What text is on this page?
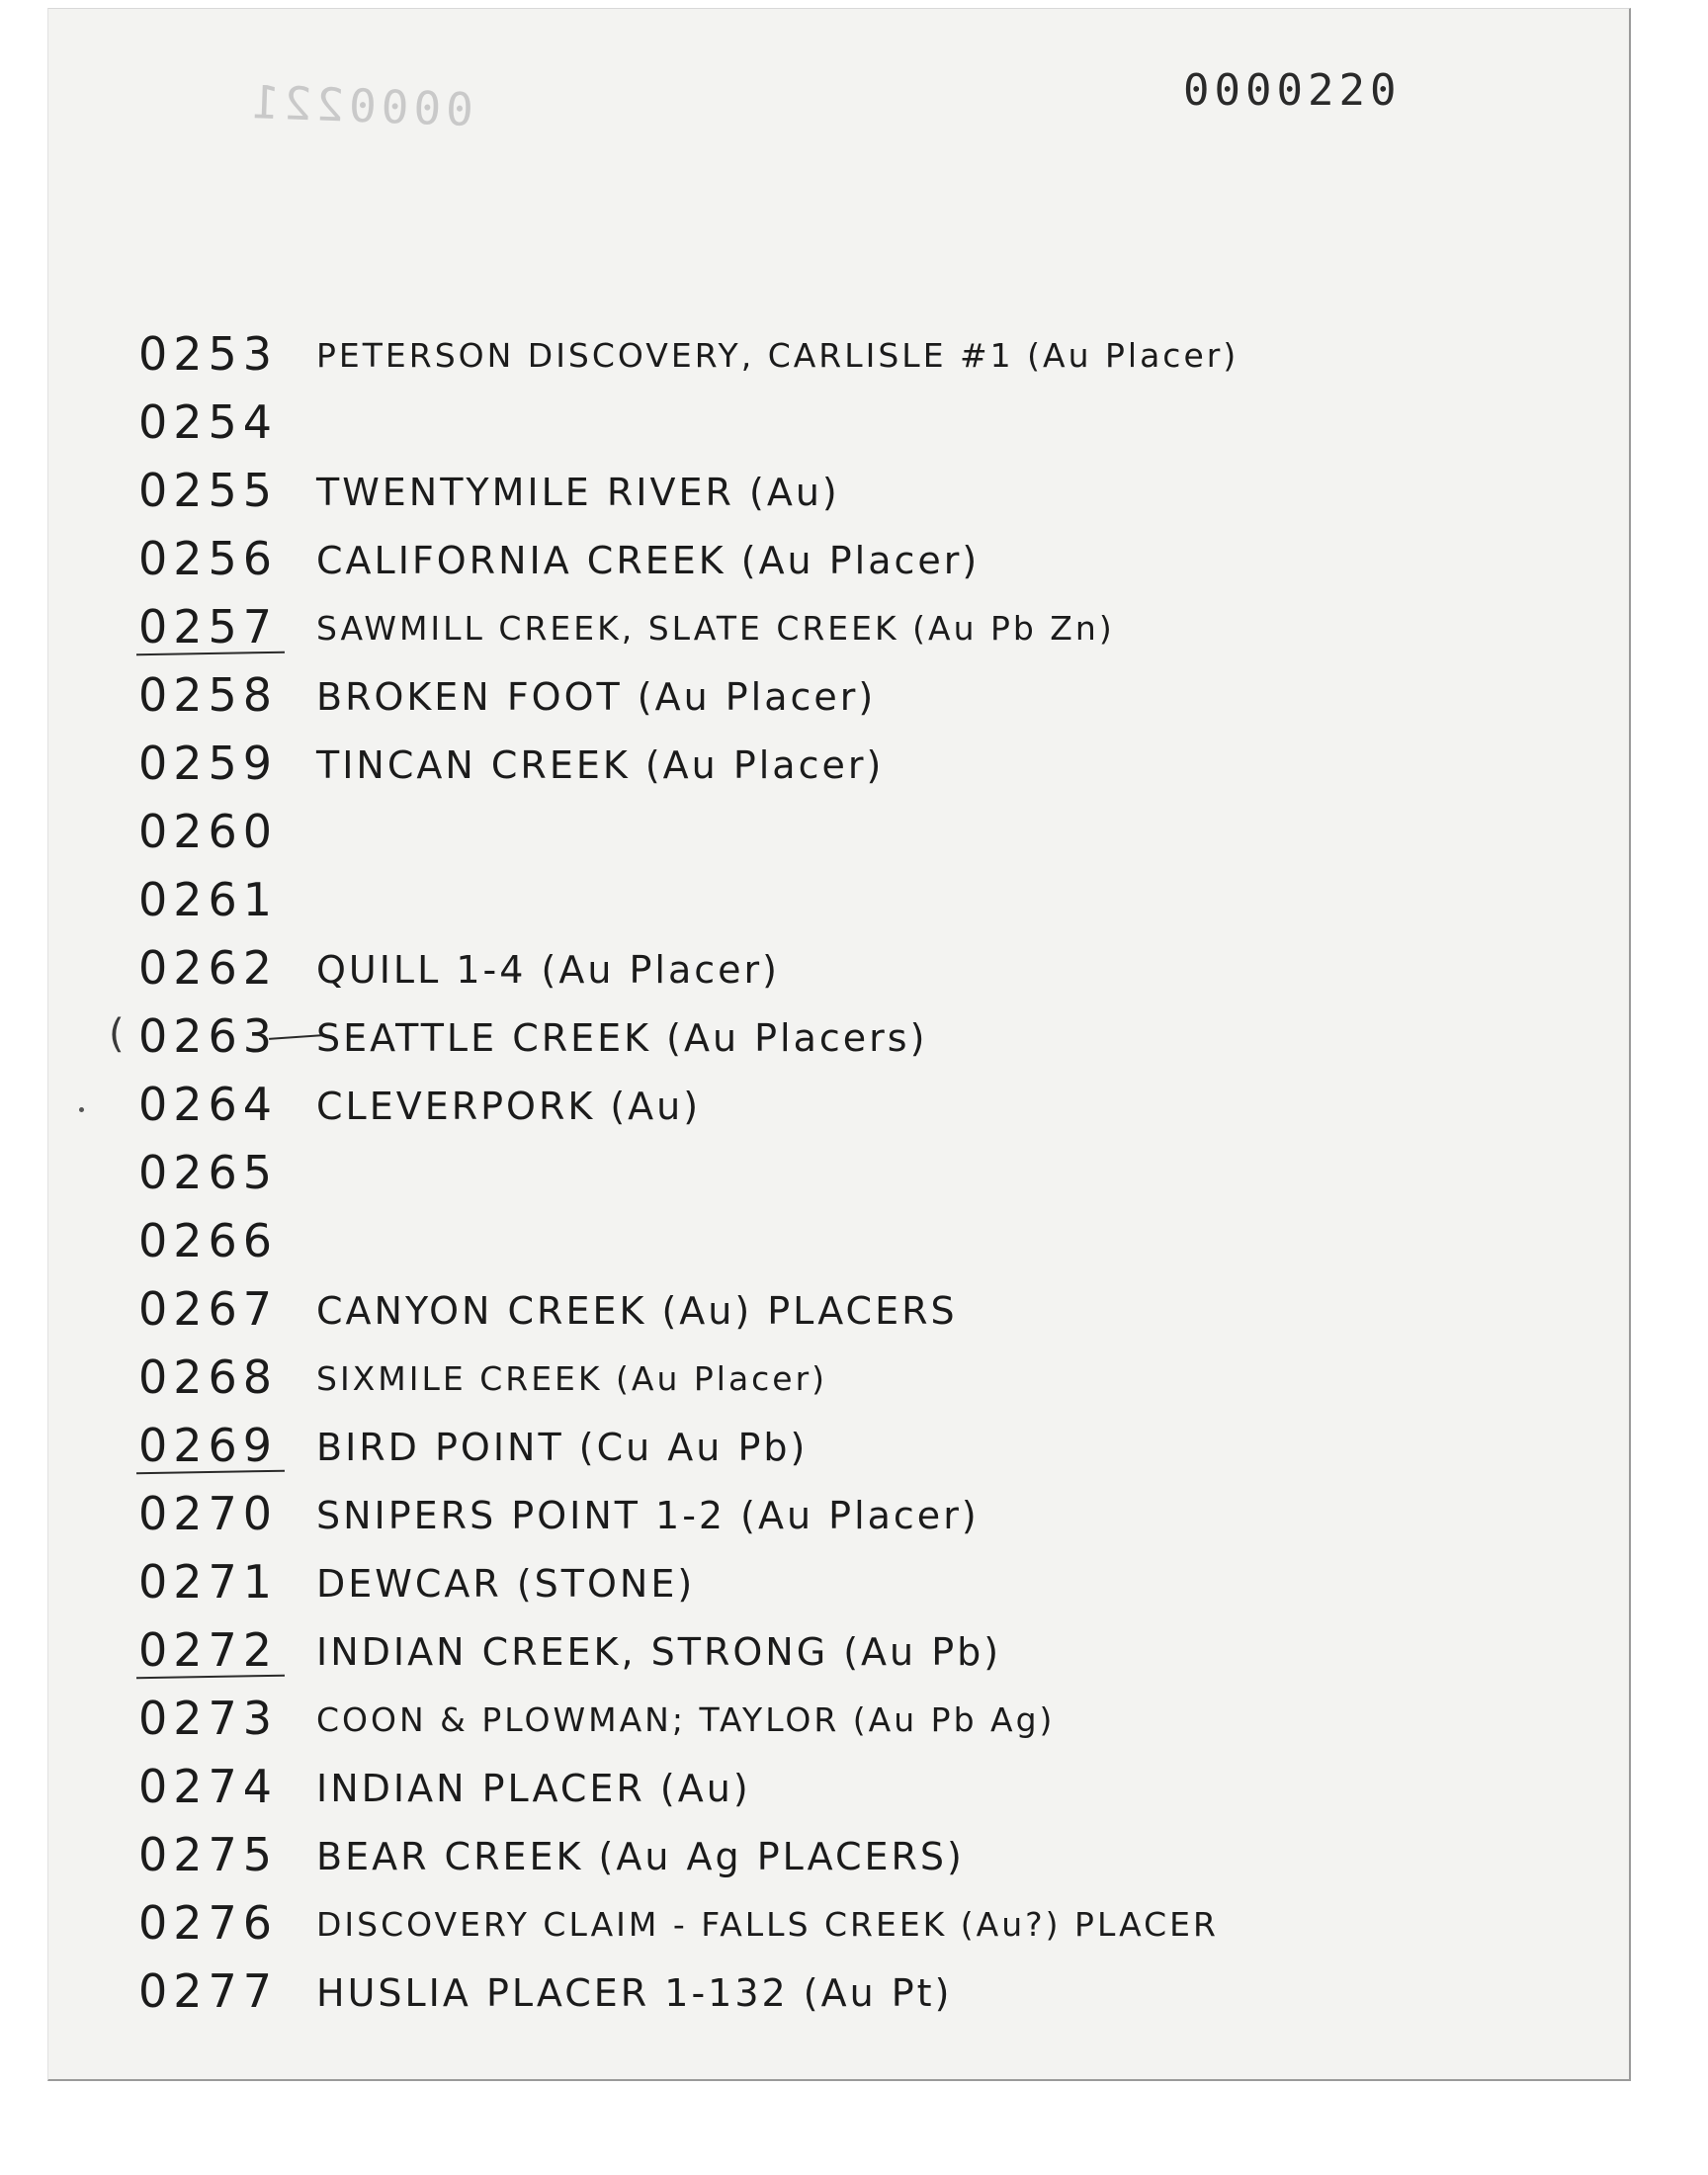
0000221	0000220
0253 PETERSON DISCOVERY, CARLISLE #1 (Au Placer)
0254
0255 TWENTYMILE RIVER (Au)
0256 CALIFORNIA CREEK (Au Placer)
0257 SAWMILL CREEK, SLATE CREEK (Au Pb Zn)
0258 BROKEN FOOT (Au Placer)
0259 TINCAN CREEK (Au Placer)
0260
0261
0262 QUILL 1-4 (Au Placer)
( 0263 SEATTLE CREEK (Au Placers)
0264 CLEVERPORK (Au)
0265
0266
0267 CANYON CREEK (Au) PLACERS
0268 SIXMILE CREEK (Au Placer)
0269 BIRD POINT (Cu Au Pb)
0270 SNIPERS POINT 1-2 (Au Placer)
0271 DEWCAR (STONE)
0272 INDIAN CREEK, STRONG (Au Pb)
0273 COON & PLOWMAN; TAYLOR (Au Pb Ag)
0274 INDIAN PLACER (Au)
0275 BEAR CREEK (Au Ag PLACERS)
0276 DISCOVERY CLAIM - FALLS CREEK (Au?) PLACER
0277 HUSLIA PLACER 1-132 (Au Pt)
